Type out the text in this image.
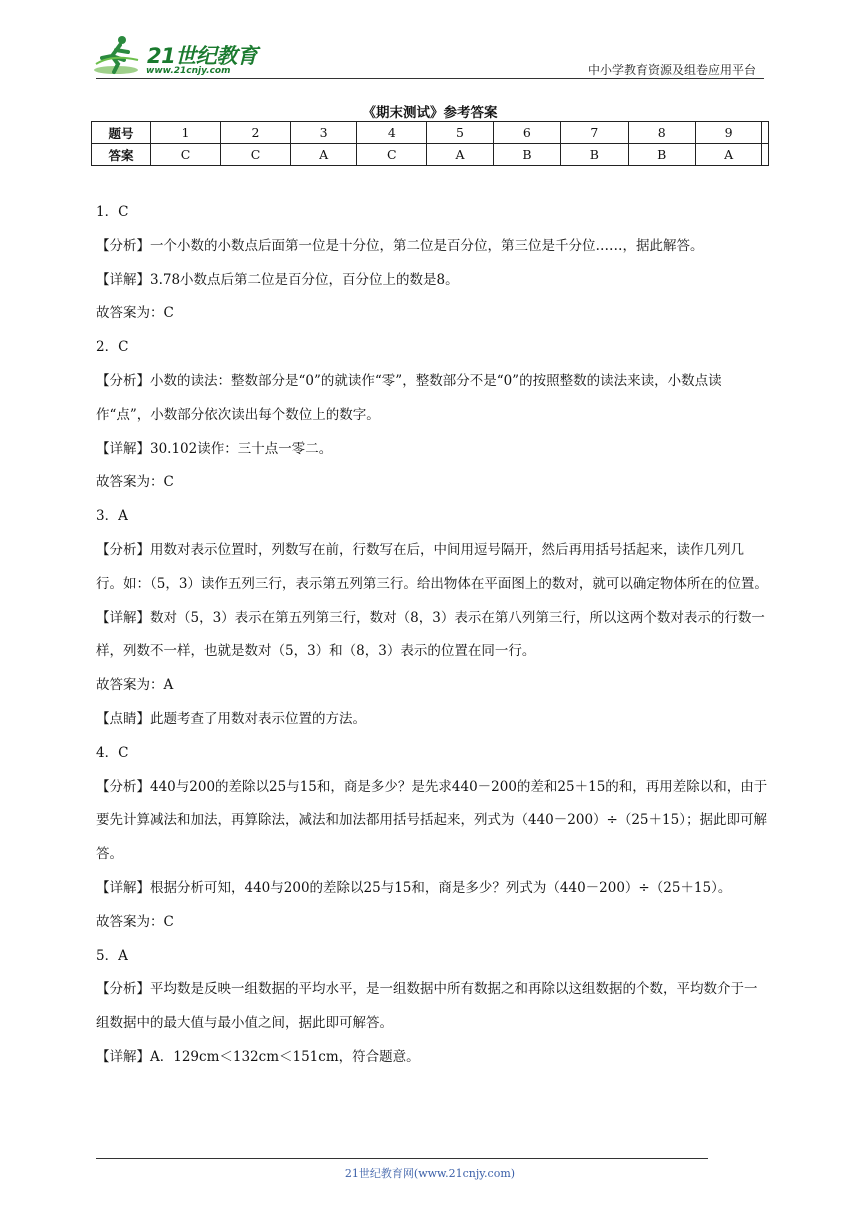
21世纪教育
www.21cnjy.com	中小学教育资源及组卷应用平台
《期末测试》参考答案
题号	1	2	3	4	5	6	7	8	9	
答案	C	C	A	C	A	B	B	B	A	

1．C

【分析】一个小数的小数点后面第一位是十分位，第二位是百分位，第三位是千分位……，据此解答。

【详解】3.78小数点后第二位是百分位，百分位上的数是8。

故答案为：C

2．C

【分析】小数的读法：整数部分是“0”的就读作“零”，整数部分不是“0”的按照整数的读法来读，小数点读作“点”，小数部分依次读出每个数位上的数字。

【详解】30.102读作：三十点一零二。

故答案为：C

3．A

【分析】用数对表示位置时，列数写在前，行数写在后，中间用逗号隔开，然后再用括号括起来，读作几列几行。如：（5，3）读作五列三行，表示第五列第三行。给出物体在平面图上的数对，就可以确定物体所在的位置。

【详解】数对（5，3）表示在第五列第三行，数对（8，3）表示在第八列第三行，所以这两个数对表示的行数一样，列数不一样，也就是数对（5，3）和（8，3）表示的位置在同一行。

故答案为：A

【点睛】此题考查了用数对表示位置的方法。

4．C

【分析】440与200的差除以25与15和，商是多少？是先求440－200的差和25＋15的和，再用差除以和，由于要先计算减法和加法，再算除法，减法和加法都用括号括起来，列式为（440－200）÷（25＋15）；据此即可解答。

【详解】根据分析可知，440与200的差除以25与15和，商是多少？列式为（440－200）÷（25＋15）。

故答案为：C

5．A

【分析】平均数是反映一组数据的平均水平，是一组数据中所有数据之和再除以这组数据的个数，平均数介于一组数据中的最大值与最小值之间，据此即可解答。

【详解】A．129cm＜132cm＜151cm，符合题意。

21世纪教育网(www.21cnjy.com)
